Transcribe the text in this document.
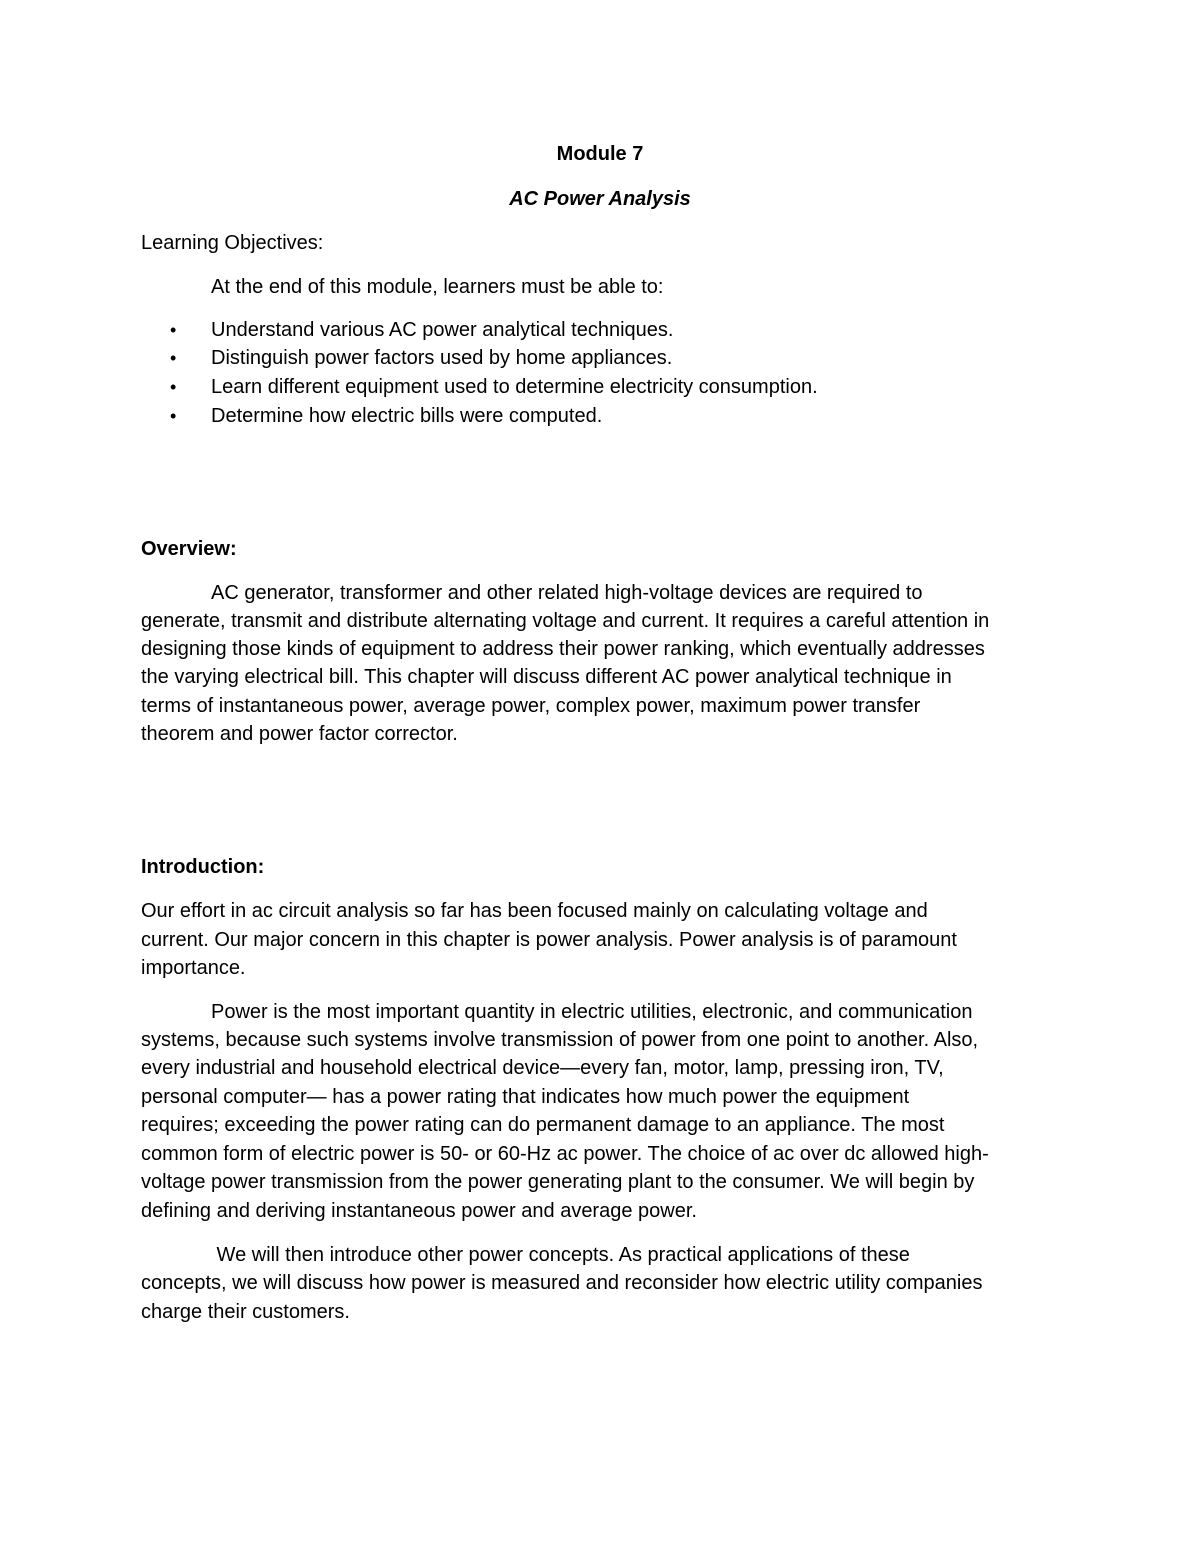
Module 7
AC Power Analysis
Learning Objectives:
At the end of this module, learners must be able to:
• Understand various AC power analytical techniques.
• Distinguish power factors used by home appliances.
• Learn different equipment used to determine electricity consumption.
• Determine how electric bills were computed.
Overview:
AC generator, transformer and other related high-voltage devices are required to
generate, transmit and distribute alternating voltage and current. It requires a careful attention in
designing those kinds of equipment to address their power ranking, which eventually addresses
the varying electrical bill. This chapter will discuss different AC power analytical technique in
terms of instantaneous power, average power, complex power, maximum power transfer
theorem and power factor corrector.
Introduction:
Our effort in ac circuit analysis so far has been focused mainly on calculating voltage and
current. Our major concern in this chapter is power analysis. Power analysis is of paramount
importance.
Power is the most important quantity in electric utilities, electronic, and communication
systems, because such systems involve transmission of power from one point to another. Also,
every industrial and household electrical device—every fan, motor, lamp, pressing iron, TV,
personal computer— has a power rating that indicates how much power the equipment
requires; exceeding the power rating can do permanent damage to an appliance. The most
common form of electric power is 50- or 60-Hz ac power. The choice of ac over dc allowed high-
voltage power transmission from the power generating plant to the consumer. We will begin by
defining and deriving instantaneous power and average power.
We will then introduce other power concepts. As practical applications of these
concepts, we will discuss how power is measured and reconsider how electric utility companies
charge their customers.
